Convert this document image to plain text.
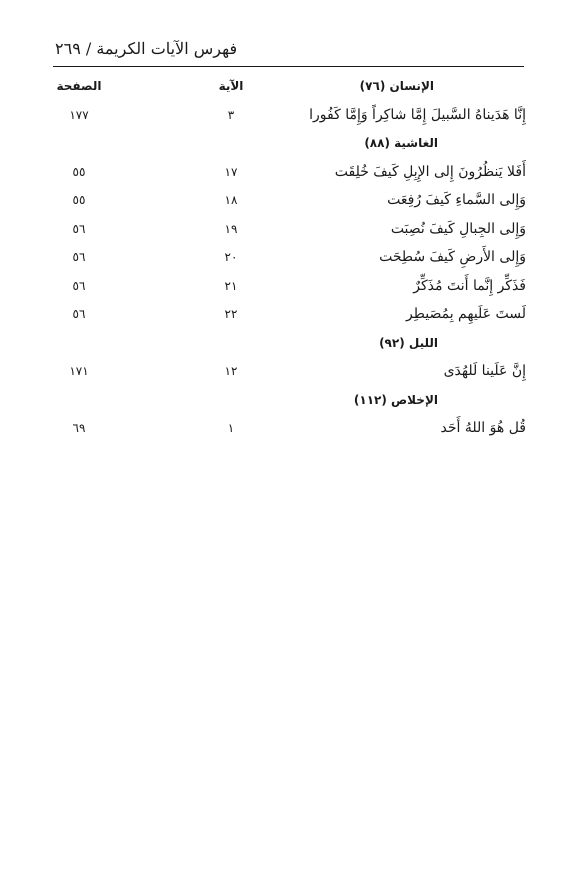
فهرس الآيات الكريمة / ٢٦٩
الإنسان (٧٦)
الآية
الصفحة
إِنَّا هَدَيناهُ السَّبيلَ إِمَّا شاكِراً وَإِمَّا كَفُورا
٣
١٧٧
الغاشية (٨٨)
أَفَلا يَنظُرُونَ إِلى الإِبِلِ كَيفَ خُلِقَت
١٧
٥٥
وَإِلى السَّماءِ كَيفَ رُفِعَت
١٨
٥٥
وَإِلى الجِبالِ كَيفَ نُصِبَت
١٩
٥٦
وَإِلى الأَرضِ كَيفَ سُطِحَت
٢٠
٥٦
فَذَكِّر إِنَّما أَنتَ مُذَكِّرٌ
٢١
٥٦
لَستَ عَلَيهِم بِمُصَيطِر
٢٢
٥٦
الليل (٩٢)
إِنَّ عَلَينا لَلهُدَى
١٢
١٧١
الإخلاص (١١٢)
قُل هُوَ اللهُ أَحَد
١
٦٩
